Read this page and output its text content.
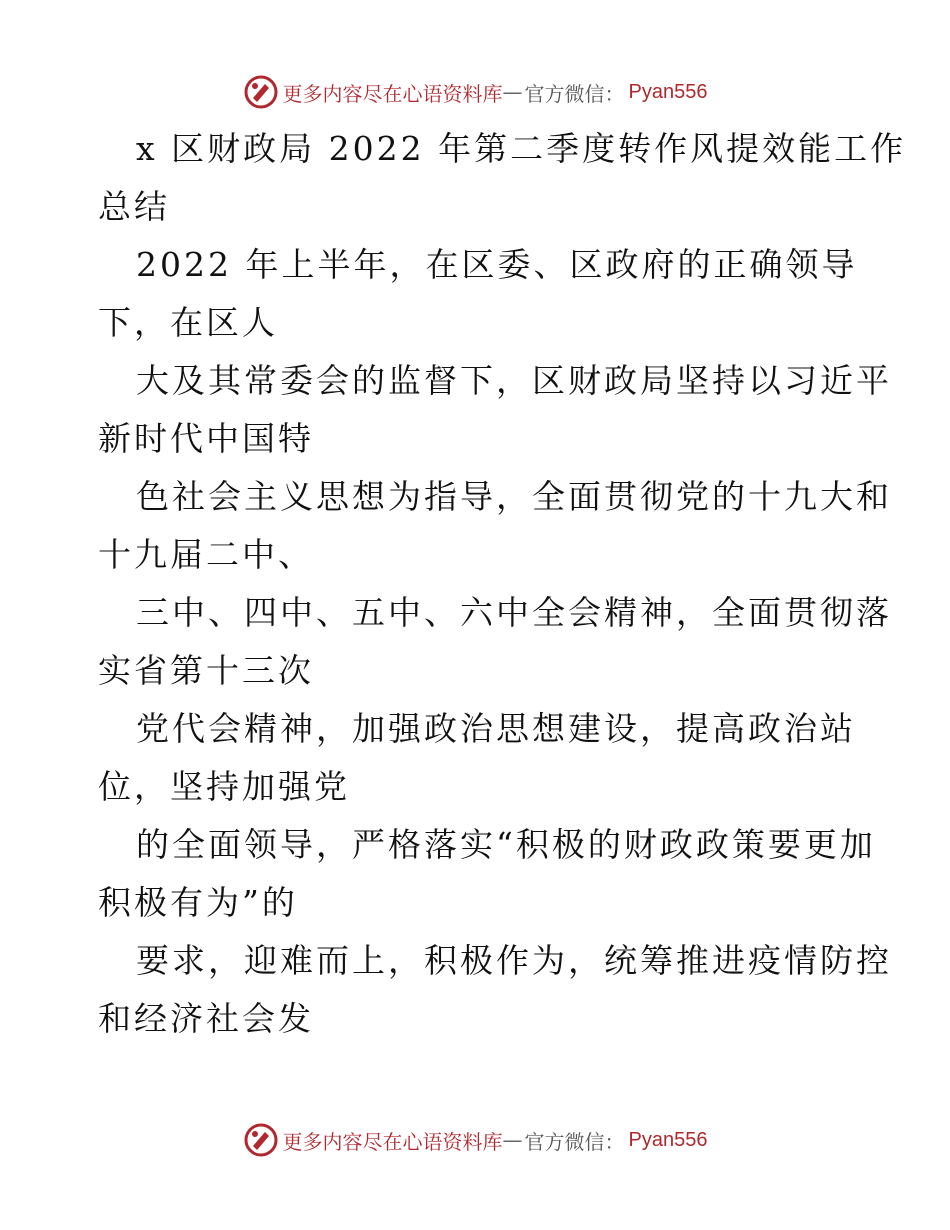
更多内容尽在心语资料库 — 官方微信： Pyan556
x 区财政局 2022 年第二季度转作风提效能工作
总结
2022 年上半年，在区委、区政府的正确领导
下，在区人
大及其常委会的监督下，区财政局坚持以习近平
新时代中国特
色社会主义思想为指导，全面贯彻党的十九大和
十九届二中、
三中、四中、五中、六中全会精神，全面贯彻落
实省第十三次
党代会精神，加强政治思想建设，提高政治站
位，坚持加强党
的全面领导，严格落实“积极的财政政策要更加
积极有为”的
要求，迎难而上，积极作为，统筹推进疫情防控
和经济社会发
更多内容尽在心语资料库 — 官方微信： Pyan556
